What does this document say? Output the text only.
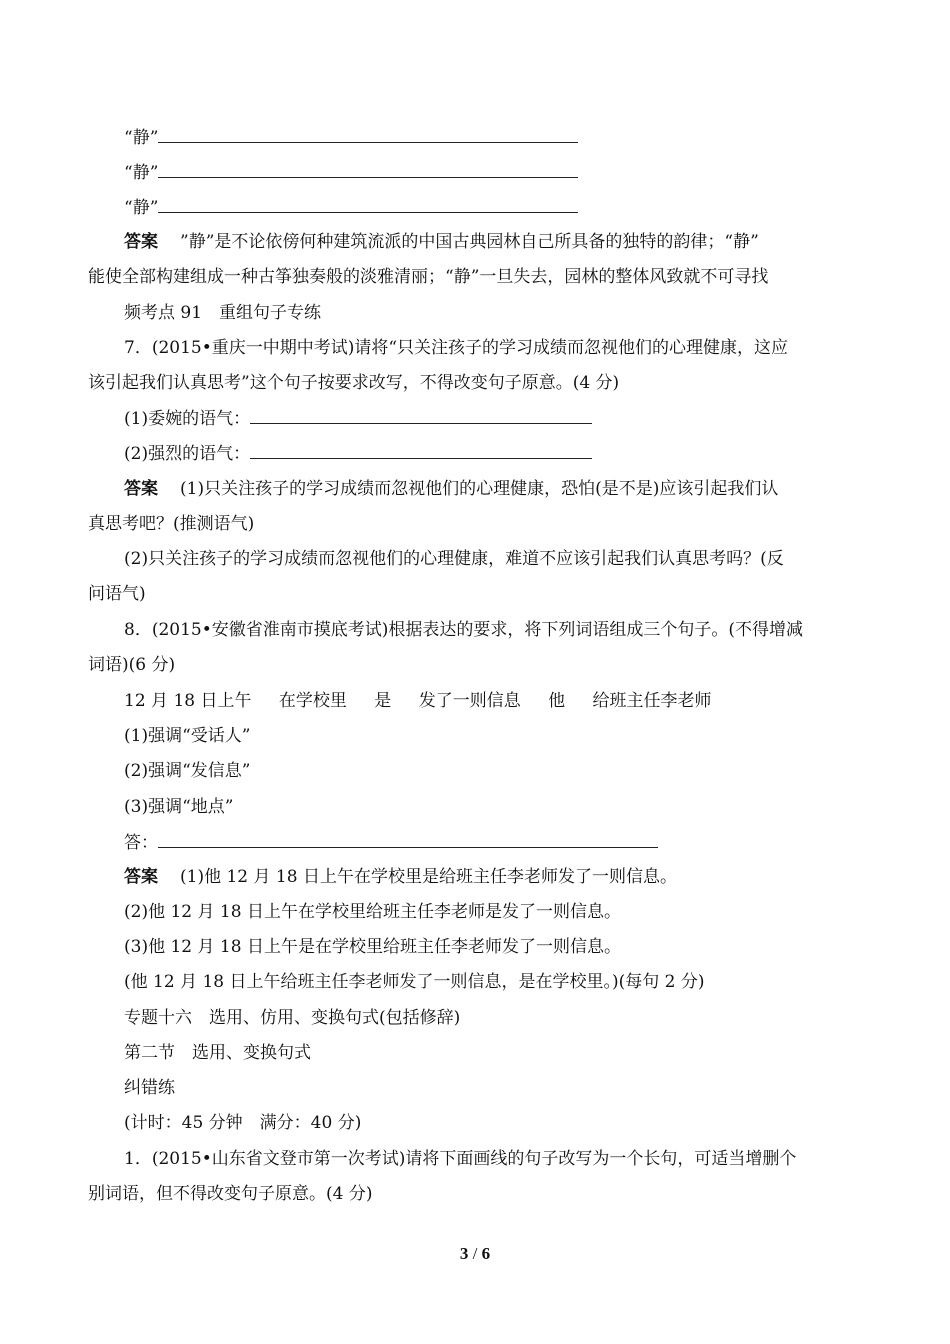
“静”
“静”
“静”
答案 ”静”是不论依傍何种建筑流派的中国古典园林自己所具备的独特的韵律；“静”
能使全部构建组成一种古筝独奏般的淡雅清丽；“静”一旦失去，园林的整体风致就不可寻找
频考点 91　重组句子专练
7．(2015•重庆一中期中考试)请将“只关注孩子的学习成绩而忽视他们的心理健康，这应
该引起我们认真思考”这个句子按要求改写，不得改变句子原意。(4 分)
(1)委婉的语气：
(2)强烈的语气：
答案 (1)只关注孩子的学习成绩而忽视他们的心理健康，恐怕(是不是)应该引起我们认
真思考吧？(推测语气)
(2)只关注孩子的学习成绩而忽视他们的心理健康，难道不应该引起我们认真思考吗？(反
问语气)
8．(2015•安徽省淮南市摸底考试)根据表达的要求，将下列词语组成三个句子。(不得增减
词语)(6 分)
12 月 18 日上午 在学校里 是 发了一则信息 他 给班主任李老师
(1)强调“受话人”
(2)强调“发信息”
(3)强调“地点”
答：
答案 (1)他 12 月 18 日上午在学校里是给班主任李老师发了一则信息。
(2)他 12 月 18 日上午在学校里给班主任李老师是发了一则信息。
(3)他 12 月 18 日上午是在学校里给班主任李老师发了一则信息。
(他 12 月 18 日上午给班主任李老师发了一则信息，是在学校里。)(每句 2 分)
专题十六　选用、仿用、变换句式(包括修辞)
第二节　选用、变换句式
纠错练
(计时：45 分钟　满分：40 分)
1．(2015•山东省文登市第一次考试)请将下面画线的句子改写为一个长句，可适当增删个
别词语，但不得改变句子原意。(4 分)
3 / 6
